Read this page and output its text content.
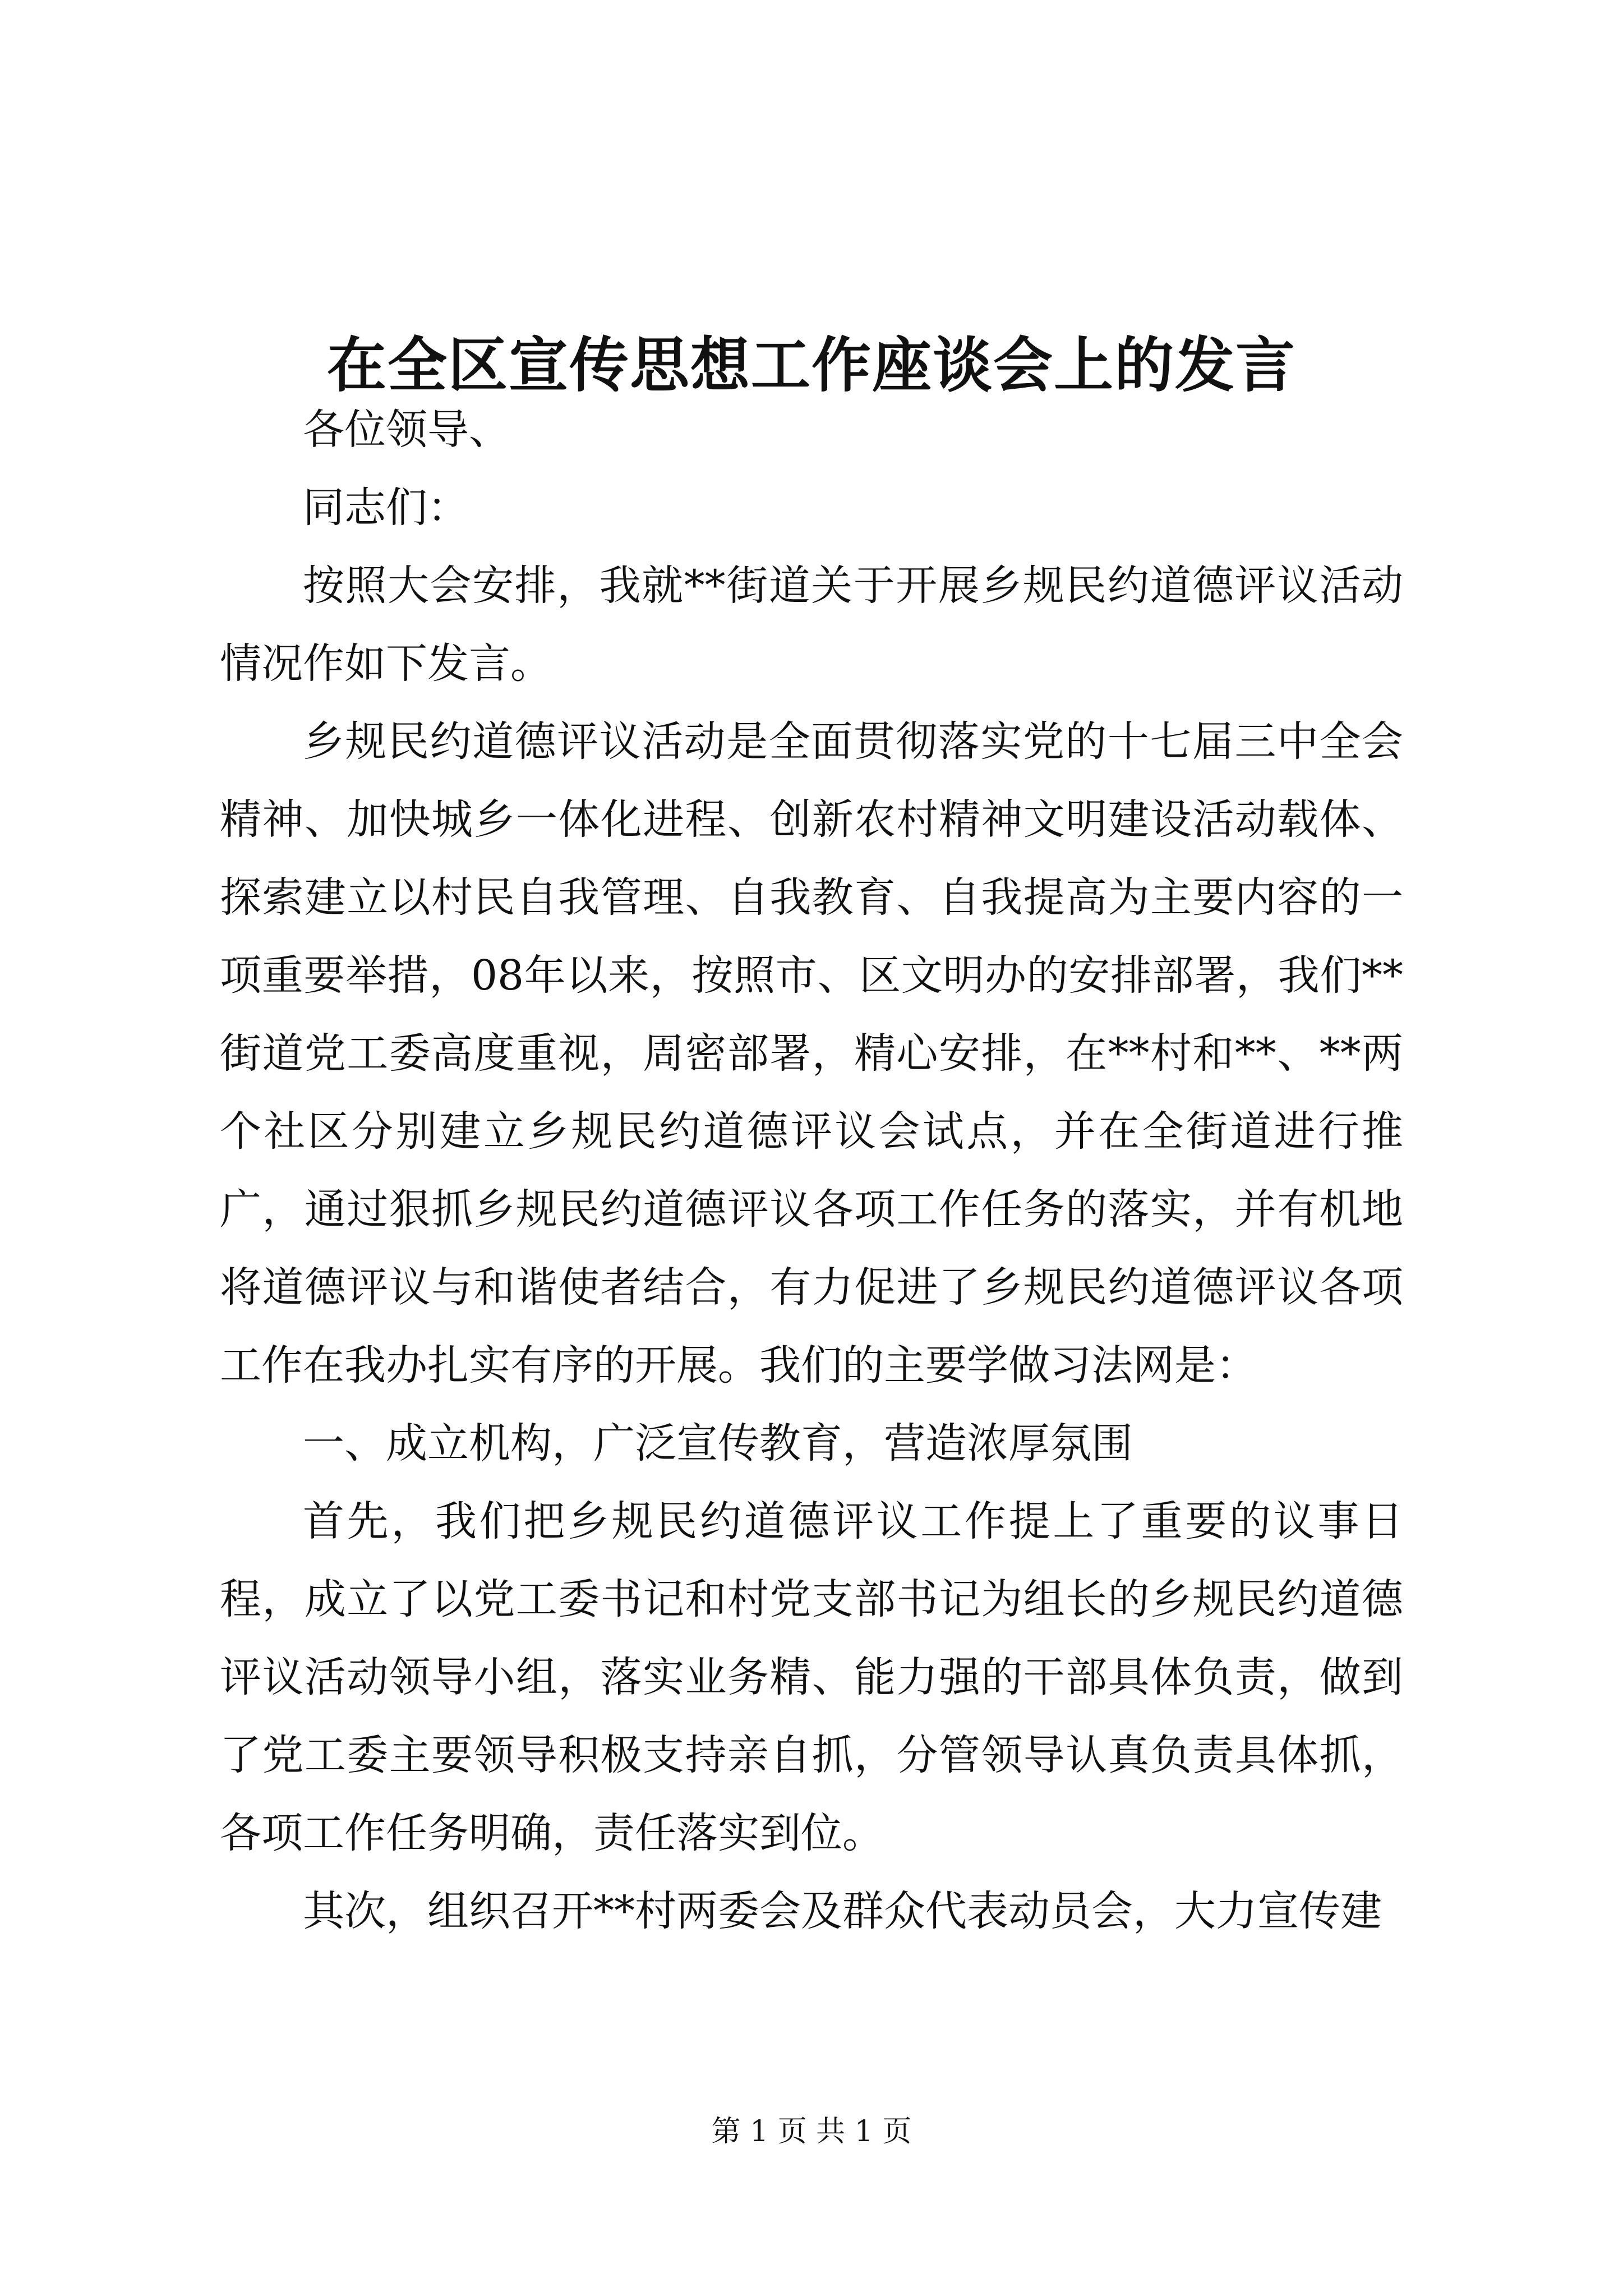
在全区宣传思想工作座谈会上的发言

各位领导、

同志们：

按照大会安排，我就**街道关于开展乡规民约道德评议活动情况作如下发言。

乡规民约道德评议活动是全面贯彻落实党的十七届三中全会精神、加快城乡一体化进程、创新农村精神文明建设活动载体、探索建立以村民自我管理、自我教育、自我提高为主要内容的一项重要举措，08年以来，按照市、区文明办的安排部署，我们**街道党工委高度重视，周密部署，精心安排，在**村和**、**两个社区分别建立乡规民约道德评议会试点，并在全街道进行推广，通过狠抓乡规民约道德评议各项工作任务的落实，并有机地将道德评议与和谐使者结合，有力促进了乡规民约道德评议各项工作在我办扎实有序的开展。我们的主要学做习法网是：

一、成立机构，广泛宣传教育，营造浓厚氛围

首先，我们把乡规民约道德评议工作提上了重要的议事日程，成立了以党工委书记和村党支部书记为组长的乡规民约道德评议活动领导小组，落实业务精、能力强的干部具体负责，做到了党工委主要领导积极支持亲自抓，分管领导认真负责具体抓，各项工作任务明确，责任落实到位。

其次，组织召开**村两委会及群众代表动员会，大力宣传建

第 1 页 共 1 页
